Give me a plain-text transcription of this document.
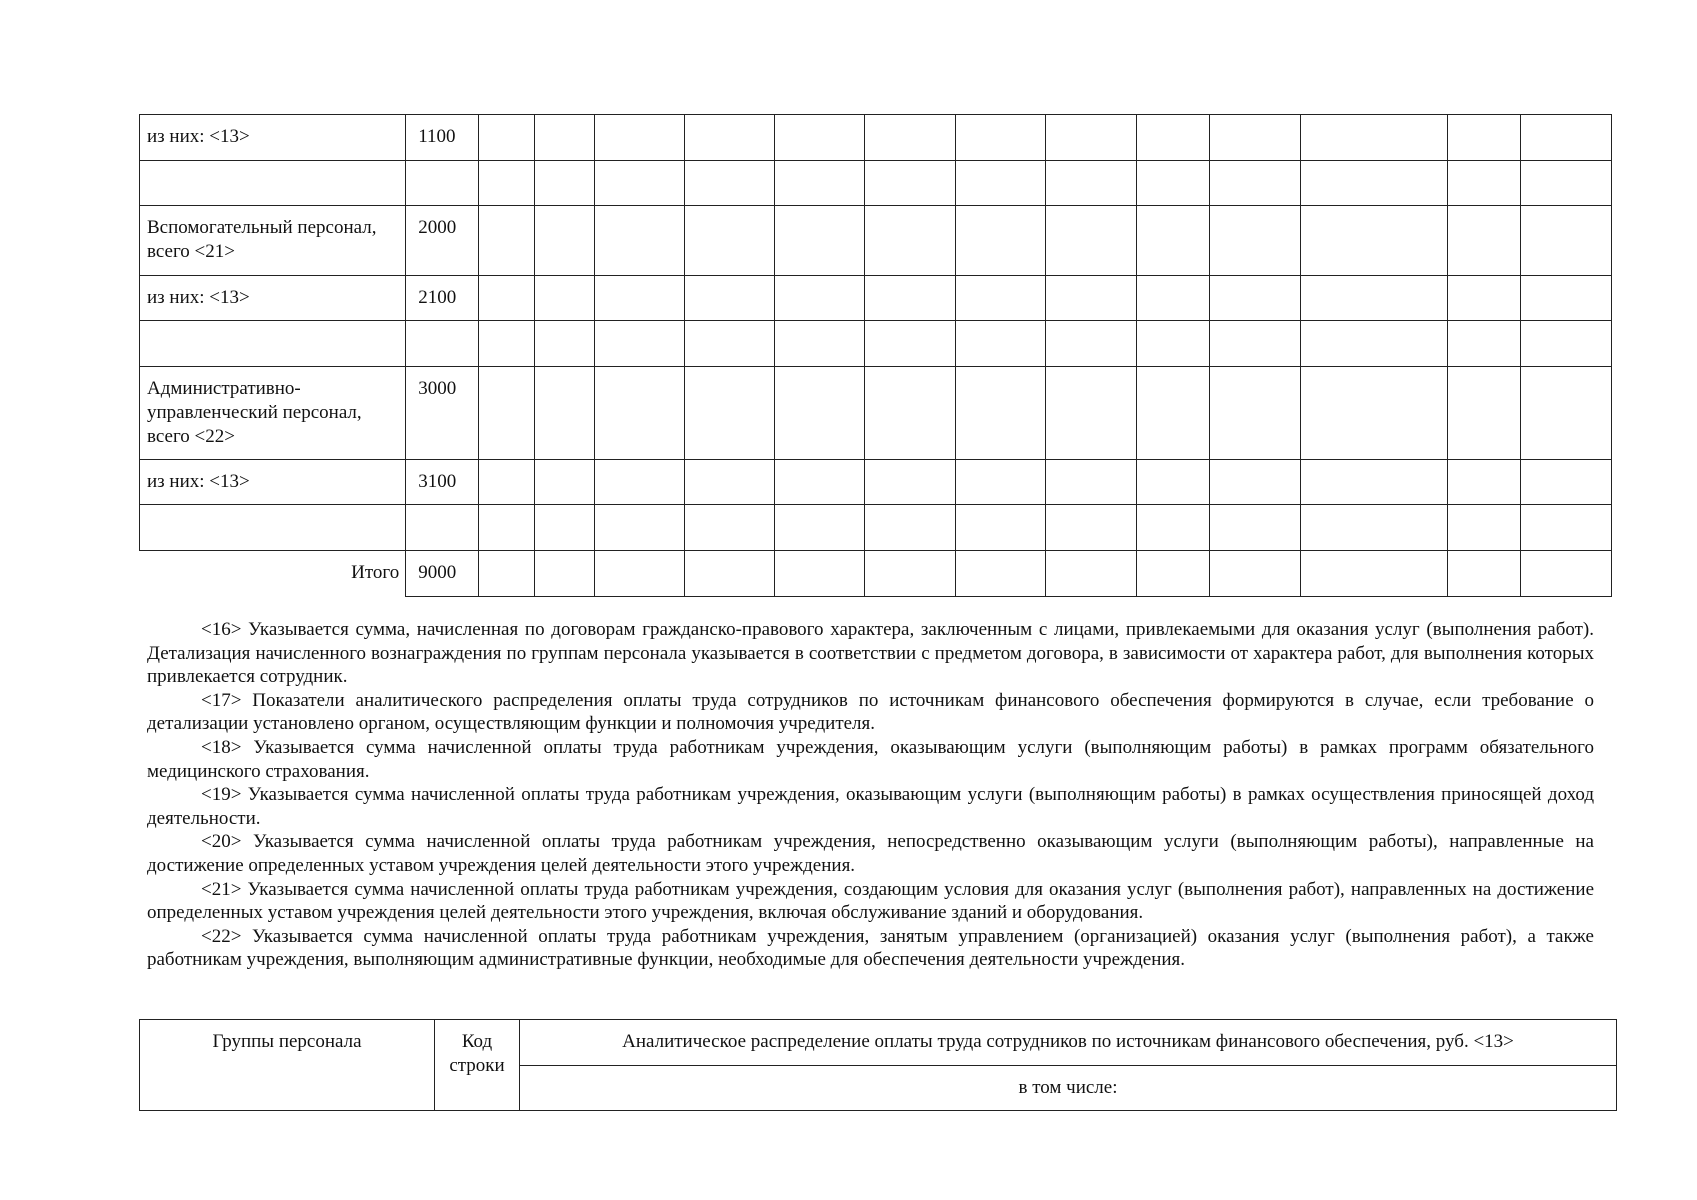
из них: <13>	1100													

Вспомогательный персонал, всего <21>	2000													
из них: <13>	2100													

Административно-управленческий персонал, всего <22>	3000													
из них: <13>	3100													

Итого	9000													

<16> Указывается сумма, начисленная по договорам гражданско-правового характера, заключенным с лицами, привлекаемыми для оказания услуг (выполнения работ). Детализация начисленного вознаграждения по группам персонала указывается в соответствии с предметом договора, в зависимости от характера работ, для выполнения которых привлекается сотрудник.

<17> Показатели аналитического распределения оплаты труда сотрудников по источникам финансового обеспечения формируются в случае, если требование о детализации установлено органом, осуществляющим функции и полномочия учредителя.

<18> Указывается сумма начисленной оплаты труда работникам учреждения, оказывающим услуги (выполняющим работы) в рамках программ обязательного медицинского страхования.

<19> Указывается сумма начисленной оплаты труда работникам учреждения, оказывающим услуги (выполняющим работы) в рамках осуществления приносящей доход деятельности.

<20> Указывается сумма начисленной оплаты труда работникам учреждения, непосредственно оказывающим услуги (выполняющим работы), направленные на достижение определенных уставом учреждения целей деятельности этого учреждения.

<21> Указывается сумма начисленной оплаты труда работникам учреждения, создающим условия для оказания услуг (выполнения работ), направленных на достижение определенных уставом учреждения целей деятельности этого учреждения, включая обслуживание зданий и оборудования.

<22> Указывается сумма начисленной оплаты труда работникам учреждения, занятым управлением (организацией) оказания услуг (выполнения работ), а также работникам учреждения, выполняющим административные функции, необходимые для обеспечения деятельности учреждения.

Группы персонала	Код строки	Аналитическое распределение оплаты труда сотрудников по источникам финансового обеспечения, руб. <13>
в том числе:
